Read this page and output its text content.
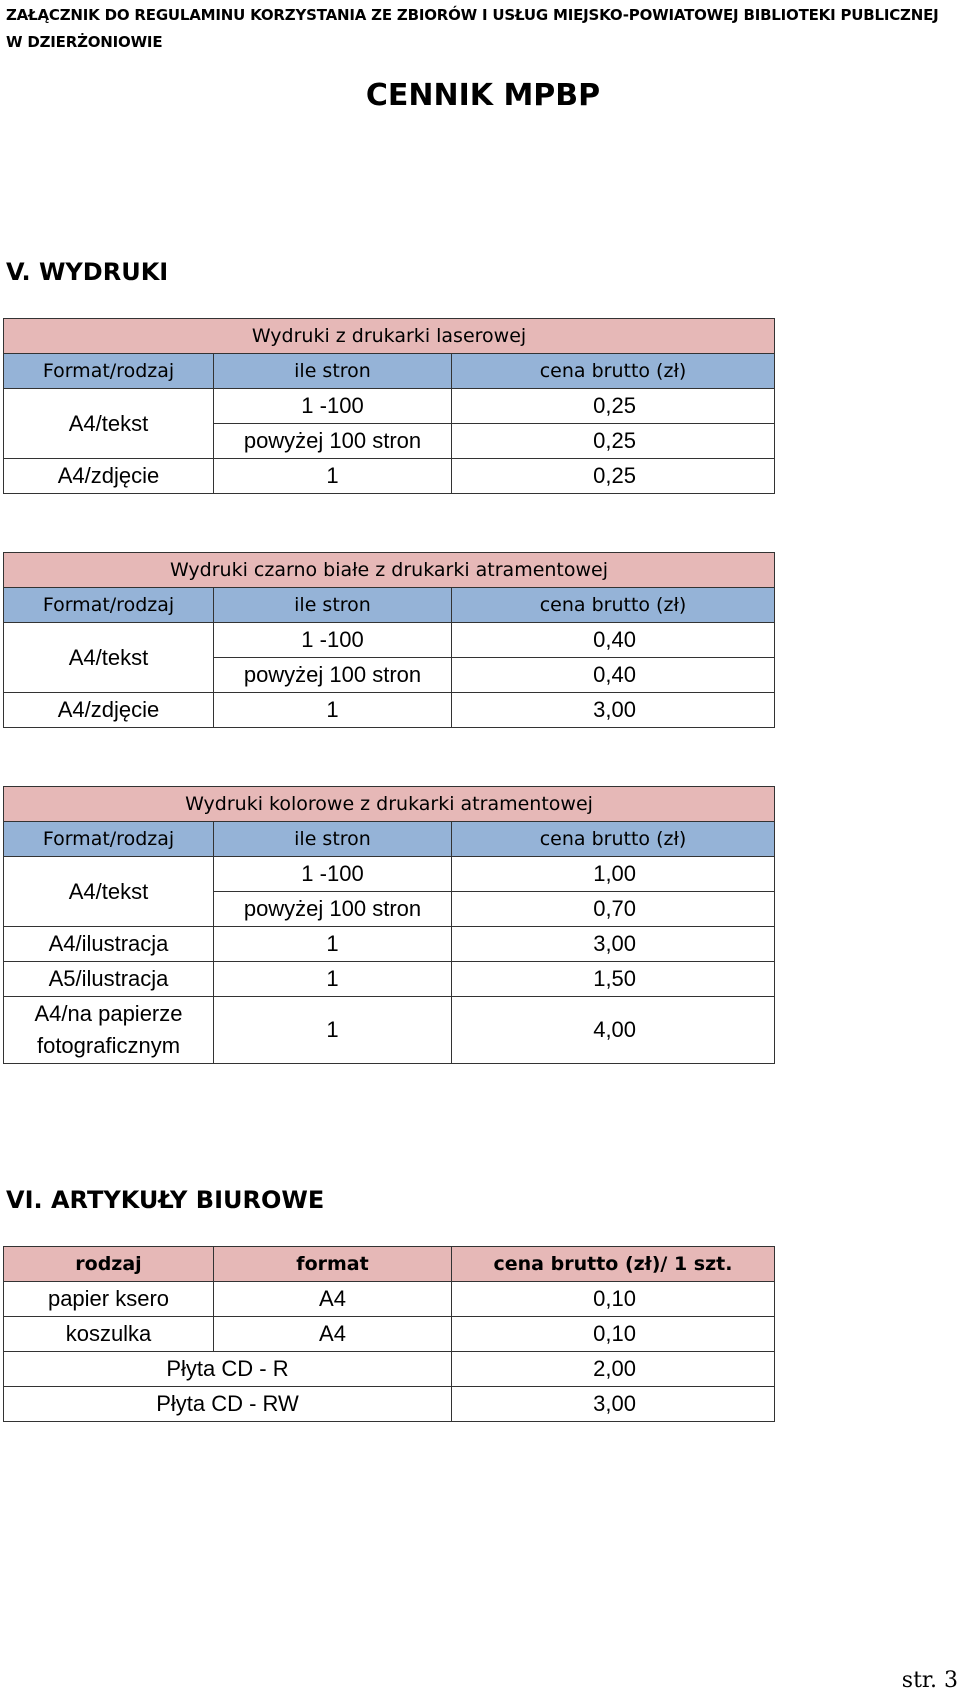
ZAŁĄCZNIK DO REGULAMINU KORZYSTANIA ZE ZBIORÓW I USŁUG MIEJSKO-POWIATOWEJ BIBLIOTEKI PUBLICZNEJ W DZIERŻONIOWIE
CENNIK MPBP
V. WYDRUKI
Wydruki z drukarki laserowej		
Format/rodzaj	ile stron	cena brutto (zł)
A4/tekst	1 -100	0,25
	powyżej 100 stron	0,25
A4/zdjęcie	1	0,25
Wydruki czarno białe z drukarki atramentowej		
Format/rodzaj	ile stron	cena brutto (zł)
A4/tekst	1 -100	0,40
	powyżej 100 stron	0,40
A4/zdjęcie	1	3,00
Wydruki kolorowe z drukarki atramentowej		
Format/rodzaj	ile stron	cena brutto (zł)
A4/tekst	1 -100	1,00
	powyżej 100 stron	0,70
A4/ilustracja	1	3,00
A5/ilustracja	1	1,50

A4/na papierze
fotograficznym	1	4,00
VI. ARTYKUŁY BIUROWE
rodzaj	format	cena brutto (zł)/ 1 szt.
papier ksero	A4	0,10
koszulka	A4	0,10
Płyta CD - R		2,00
Płyta CD - RW		3,00
str. 3
